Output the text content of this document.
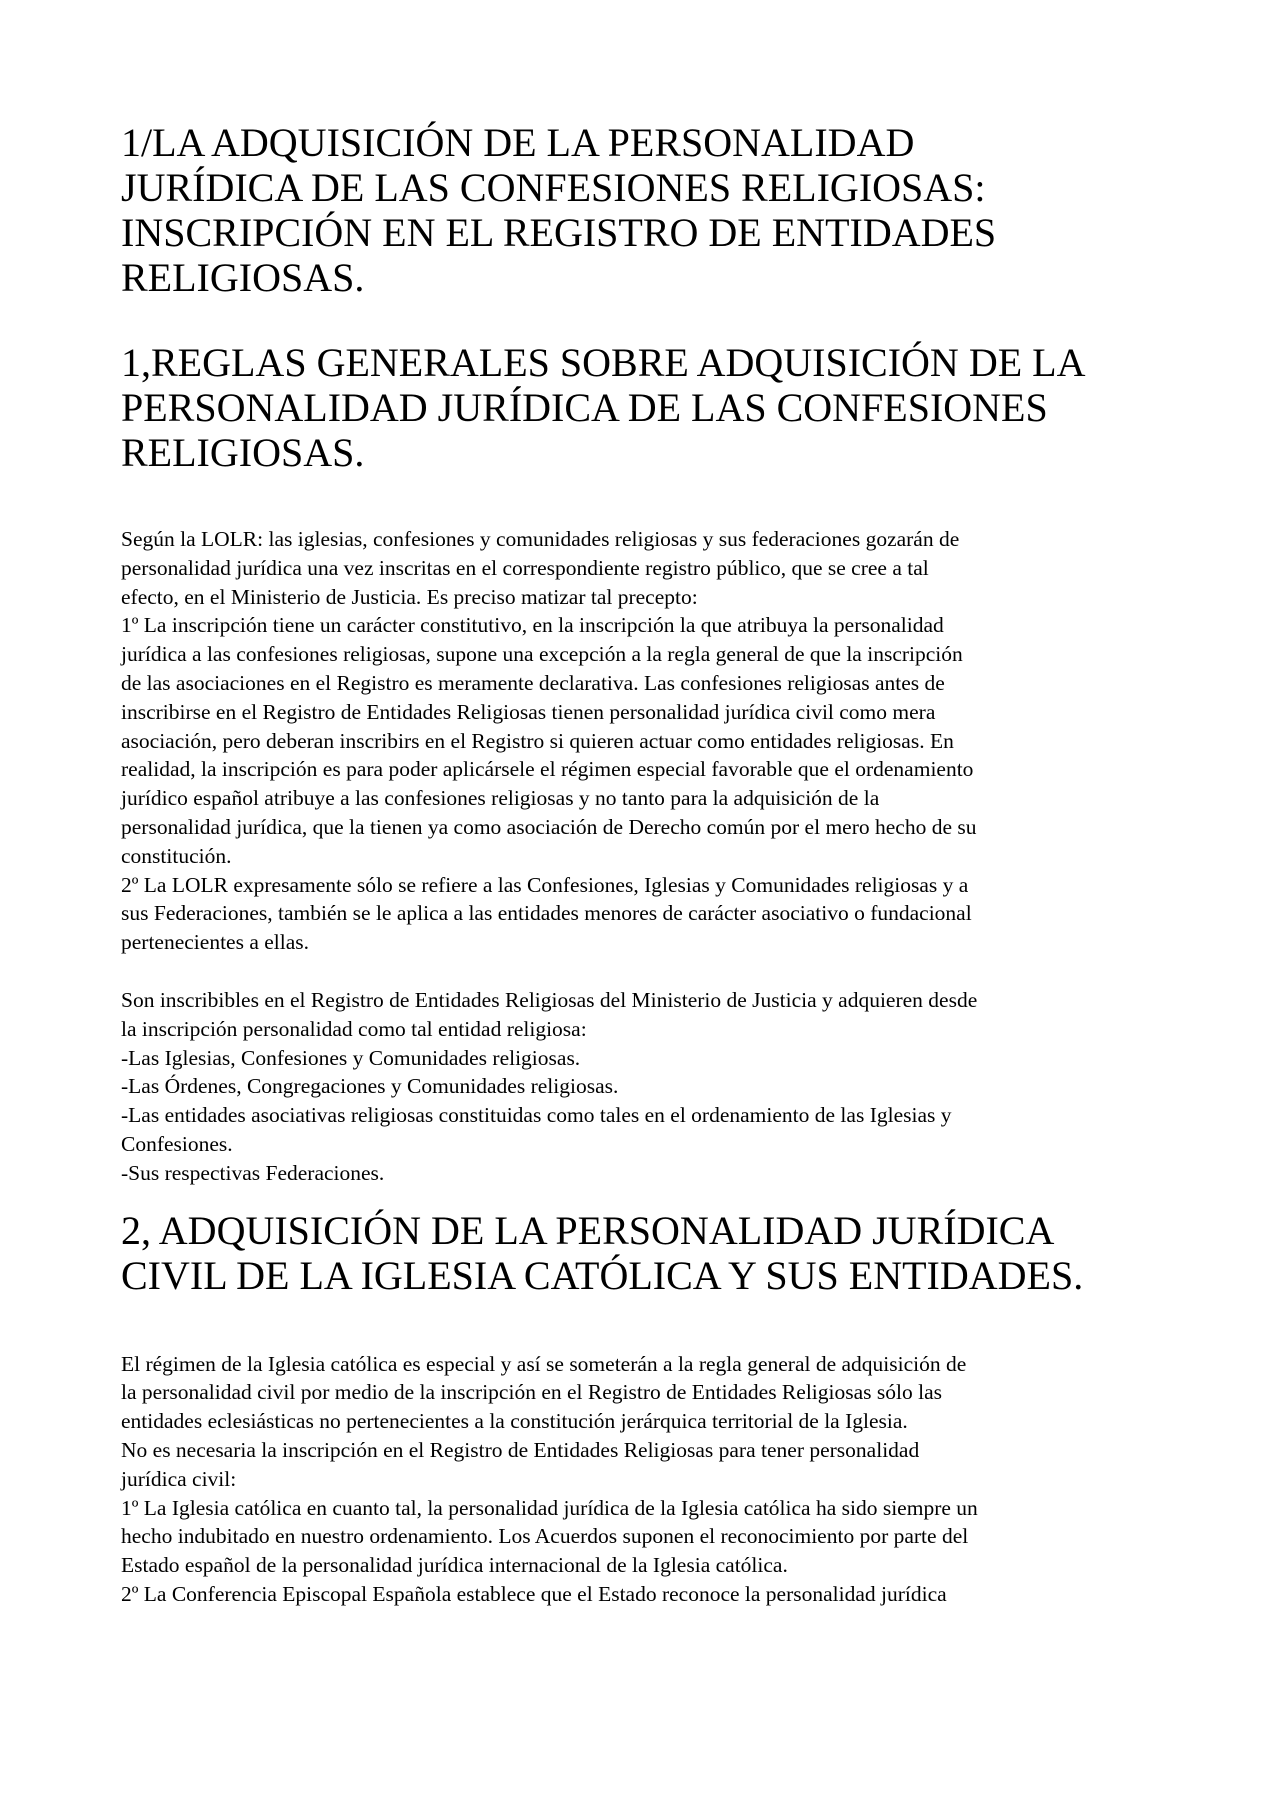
1/LA ADQUISICIÓN DE LA PERSONALIDAD
JURÍDICA DE LAS CONFESIONES RELIGIOSAS:
INSCRIPCIÓN EN EL REGISTRO DE ENTIDADES
RELIGIOSAS.
1,REGLAS GENERALES SOBRE ADQUISICIÓN DE LA
PERSONALIDAD JURÍDICA DE LAS CONFESIONES
RELIGIOSAS.

Según la LOLR: las iglesias, confesiones y comunidades religiosas y sus federaciones gozarán de
personalidad jurídica una vez inscritas en el correspondiente registro público, que se cree a tal
efecto, en el Ministerio de Justicia. Es preciso matizar tal precepto:
1º La inscripción tiene un carácter constitutivo, en la inscripción la que atribuya la personalidad
jurídica a las confesiones religiosas, supone una excepción a la regla general de que la inscripción
de las asociaciones en el Registro es meramente declarativa. Las confesiones religiosas antes de
inscribirse en el Registro de Entidades Religiosas tienen personalidad jurídica civil como mera
asociación, pero deberan inscribirs en el Registro si quieren actuar como entidades religiosas. En
realidad, la inscripción es para poder aplicársele el régimen especial favorable que el ordenamiento
jurídico español atribuye a las confesiones religiosas y no tanto para la adquisición de la
personalidad jurídica, que la tienen ya como asociación de Derecho común por el mero hecho de su
constitución.
2º La LOLR expresamente sólo se refiere a las Confesiones, Iglesias y Comunidades religiosas y a
sus Federaciones, también se le aplica a las entidades menores de carácter asociativo o fundacional
pertenecientes a ellas.

Son inscribibles en el Registro de Entidades Religiosas del Ministerio de Justicia y adquieren desde
la inscripción personalidad como tal entidad religiosa:
-Las Iglesias, Confesiones y Comunidades religiosas.
-Las Órdenes, Congregaciones y Comunidades religiosas.
-Las entidades asociativas religiosas constituidas como tales en el ordenamiento de las Iglesias y
Confesiones.
-Sus respectivas Federaciones.

2, ADQUISICIÓN DE LA PERSONALIDAD JURÍDICA
CIVIL DE LA IGLESIA CATÓLICA Y SUS ENTIDADES.

El régimen de la Iglesia católica es especial y así se someterán a la regla general de adquisición de
la personalidad civil por medio de la inscripción en el Registro de Entidades Religiosas sólo las
entidades eclesiásticas no pertenecientes a la constitución jerárquica territorial de la Iglesia.
No es necesaria la inscripción en el Registro de Entidades Religiosas para tener personalidad
jurídica civil:
1º La Iglesia católica en cuanto tal, la personalidad jurídica de la Iglesia católica ha sido siempre un
hecho indubitado en nuestro ordenamiento. Los Acuerdos suponen el reconocimiento por parte del
Estado español de la personalidad jurídica internacional de la Iglesia católica.
2º La Conferencia Episcopal Española establece que el Estado reconoce la personalidad jurídica
